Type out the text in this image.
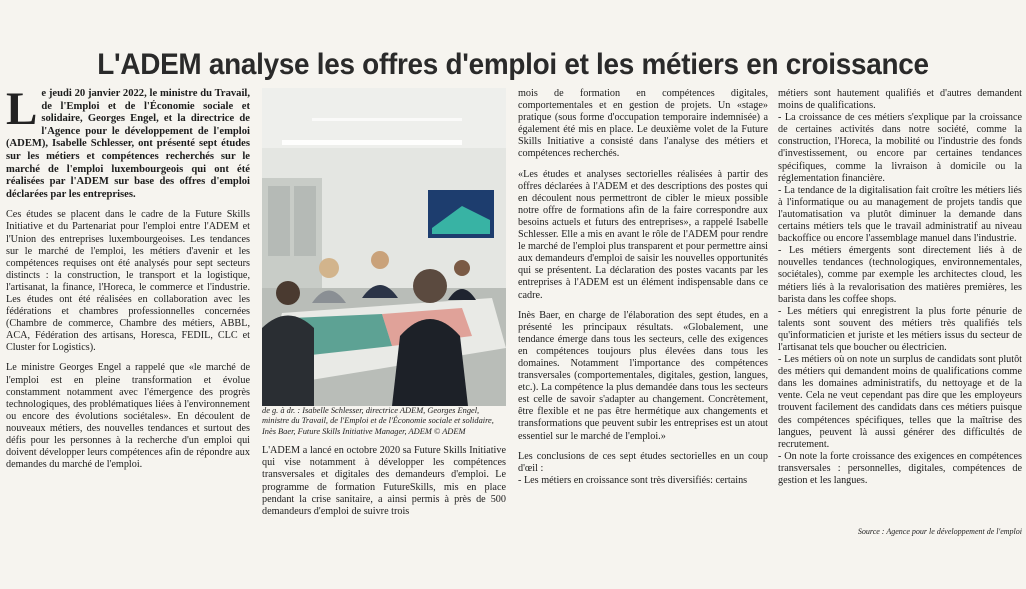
L'ADEM analyse les offres d'emploi et les métiers en croissance

Le jeudi 20 janvier 2022, le ministre du Travail, de l'Emploi et de l'Économie sociale et solidaire, Georges Engel, et la directrice de l'Agence pour le développement de l'emploi (ADEM), Isabelle Schlesser, ont présenté sept études sur les métiers et compétences recherchés sur le marché de l'emploi luxembourgeois qui ont été réalisées par l'ADEM sur base des offres d'emploi déclarées par les entreprises.

Ces études se placent dans le cadre de la Future Skills Initiative et du Partenariat pour l'emploi entre l'ADEM et l'Union des entreprises luxembourgeoises. Les tendances sur le marché de l'emploi, les métiers d'avenir et les compétences requises ont été analysés pour sept secteurs distincts : la construction, le transport et la logistique, l'artisanat, la finance, l'Horeca, le commerce et l'industrie. Les études ont été réalisées en collaboration avec les fédérations et chambres professionnelles concernées (Chambre de commerce, Chambre des métiers, ABBL, ACA, Fédération des artisans, Horesca, FEDIL, CLC et Cluster for Logistics).

Le ministre Georges Engel a rappelé que «le marché de l'emploi est en pleine transformation et évolue constamment notamment avec l'émergence des progrès technologiques, des problématiques liées à l'environnement ou encore des évolutions sociétales». En découlent de nouveaux métiers, des nouvelles tendances et surtout des défis pour les personnes à la recherche d'un emploi qui doivent développer leurs compétences afin de répondre aux demandes du marché de l'emploi.

de g. à dr. : Isabelle Schlesser, directrice ADEM, Georges Engel, ministre du Travail, de l'Emploi et de l'Économie sociale et solidaire, Inès Baer, Future Skills Initiative Manager, ADEM © ADEM

L'ADEM a lancé en octobre 2020 sa Future Skills Initiative qui vise notamment à développer les compétences transversales et digitales des demandeurs d'emploi. Le programme de formation FutureSkills, mis en place pendant la crise sanitaire, a ainsi permis à près de 500 demandeurs d'emploi de suivre trois

mois de formation en compétences digitales, comportementales et en gestion de projets. Un «stage» pratique (sous forme d'occupation temporaire indemnisée) a également été mis en place. Le deuxième volet de la Future Skills Initiative a consisté dans l'analyse des métiers et compétences recherchés.

«Les études et analyses sectorielles réalisées à partir des offres déclarées à l'ADEM et des descriptions des postes qui en découlent nous permettront de cibler le mieux possible notre offre de formations afin de la faire correspondre aux besoins actuels et futurs des entreprises», a rappelé Isabelle Schlesser. Elle a mis en avant le rôle de l'ADEM pour rendre le marché de l'emploi plus transparent et pour permettre ainsi aux demandeurs d'emploi de saisir les nouvelles opportunités qui se présentent. La déclaration des postes vacants par les entreprises à l'ADEM est un élément indispensable dans ce cadre.

Inès Baer, en charge de l'élaboration des sept études, en a présenté les principaux résultats. «Globalement, une tendance émerge dans tous les secteurs, celle des exigences en compétences toujours plus élevées dans tous les domaines. Notamment l'importance des compétences transversales (comportementales, digitales, gestion, langues, etc.). La compétence la plus demandée dans tous les secteurs est celle de savoir s'adapter au changement. Concrètement, être flexible et ne pas être hermétique aux changements et transformations que peuvent subir les entreprises est un atout essentiel sur le marché de l'emploi.»

Les conclusions de ces sept études sectorielles en un coup d'œil :

- Les métiers en croissance sont très diversifiés: certains

métiers sont hautement qualifiés et d'autres demandent moins de qualifications.

- La croissance de ces métiers s'explique par la croissance de certaines activités dans notre société, comme la construction, l'Horeca, la mobilité ou l'industrie des fonds d'investissement, ou encore par certaines tendances spécifiques, comme la livraison à domicile ou la réglementation financière.

- La tendance de la digitalisation fait croître les métiers liés à l'informatique ou au management de projets tandis que l'automatisation va plutôt diminuer la demande dans certains métiers tels que le travail administratif au niveau backoffice ou encore l'assemblage manuel dans l'industrie.

- Les métiers émergents sont directement liés à de nouvelles tendances (technologiques, environnementales, sociétales), comme par exemple les architectes cloud, les métiers liés à la revalorisation des matières premières, les barista dans les coffee shops.

- Les métiers qui enregistrent la plus forte pénurie de talents sont souvent des métiers très qualifiés tels qu'informaticien et juriste et les métiers issus du secteur de l'artisanat tels que boucher ou électricien.

- Les métiers où on note un surplus de candidats sont plutôt des métiers qui demandent moins de qualifications comme dans les domaines administratifs, du nettoyage et de la vente. Cela ne veut cependant pas dire que les employeurs trouvent facilement des candidats dans ces métiers puisque des compétences spécifiques, telles que la maîtrise des langues, peuvent là aussi générer des difficultés de recrutement.

- On note la forte croissance des exigences en compétences transversales : personnelles, digitales, compétences de gestion et les langues.

Source : Agence pour le développement de l'emploi
